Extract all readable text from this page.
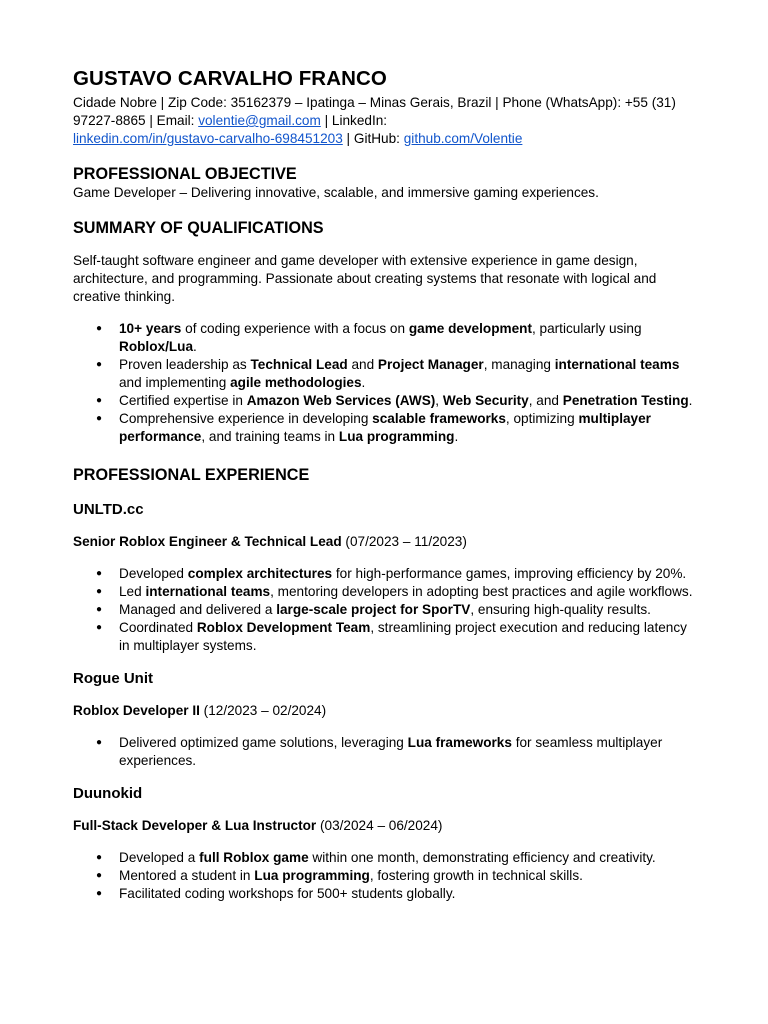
GUSTAVO CARVALHO FRANCO

Cidade Nobre | Zip Code: 35162379 – Ipatinga – Minas Gerais, Brazil | Phone (WhatsApp): +55 (31) 97227-8865 | Email: volentie@gmail.com | LinkedIn:
linkedin.com/in/gustavo-carvalho-698451203 | GitHub: github.com/Volentie

PROFESSIONAL OBJECTIVE

Game Developer – Delivering innovative, scalable, and immersive gaming experiences.

SUMMARY OF QUALIFICATIONS

Self-taught software engineer and game developer with extensive experience in game design, architecture, and programming. Passionate about creating systems that resonate with logical and creative thinking.

● 10+ years of coding experience with a focus on game development, particularly using Roblox/Lua.
● Proven leadership as Technical Lead and Project Manager, managing international teams and implementing agile methodologies.
● Certified expertise in Amazon Web Services (AWS), Web Security, and Penetration Testing.
● Comprehensive experience in developing scalable frameworks, optimizing multiplayer performance, and training teams in Lua programming.
PROFESSIONAL EXPERIENCE
UNLTD.cc

Senior Roblox Engineer & Technical Lead (07/2023 – 11/2023)

● Developed complex architectures for high-performance games, improving efficiency by 20%.
● Led international teams, mentoring developers in adopting best practices and agile workflows.
● Managed and delivered a large-scale project for SporTV, ensuring high-quality results.
● Coordinated Roblox Development Team, streamlining project execution and reducing latency in multiplayer systems.
Rogue Unit

Roblox Developer II (12/2023 – 02/2024)

● Delivered optimized game solutions, leveraging Lua frameworks for seamless multiplayer experiences.
Duunokid

Full-Stack Developer & Lua Instructor (03/2024 – 06/2024)

● Developed a full Roblox game within one month, demonstrating efficiency and creativity.
● Mentored a student in Lua programming, fostering growth in technical skills.
● Facilitated coding workshops for 500+ students globally.
